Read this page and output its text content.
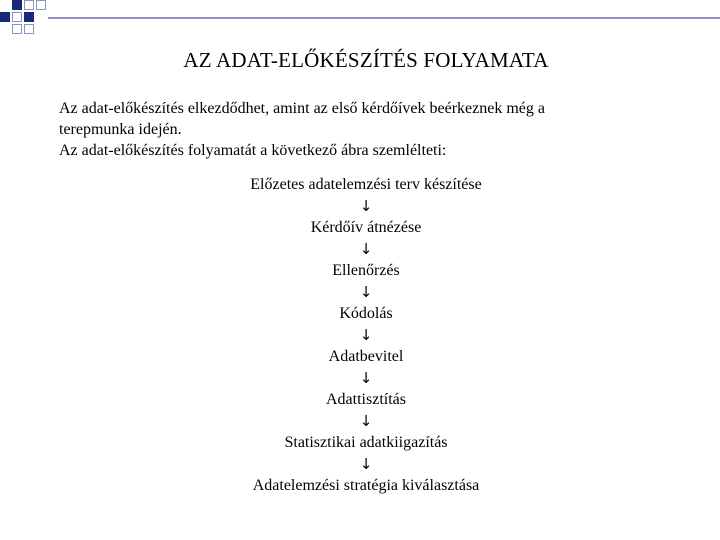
AZ ADAT-ELŐKÉSZÍTÉS FOLYAMATA
Az adat-előkészítés elkezdődhet, amint az első kérdőívek beérkeznek még a
terepmunka idején.
Az adat-előkészítés folyamatát a következő ábra szemlélteti:
Előzetes adatelemzési terv készítése
↓
Kérdőív átnézése
↓
Ellenőrzés
↓
Kódolás
↓
Adatbevitel
↓
Adattisztítás
↓
Statisztikai adatkiigazítás
↓
Adatelemzési stratégia kiválasztása
